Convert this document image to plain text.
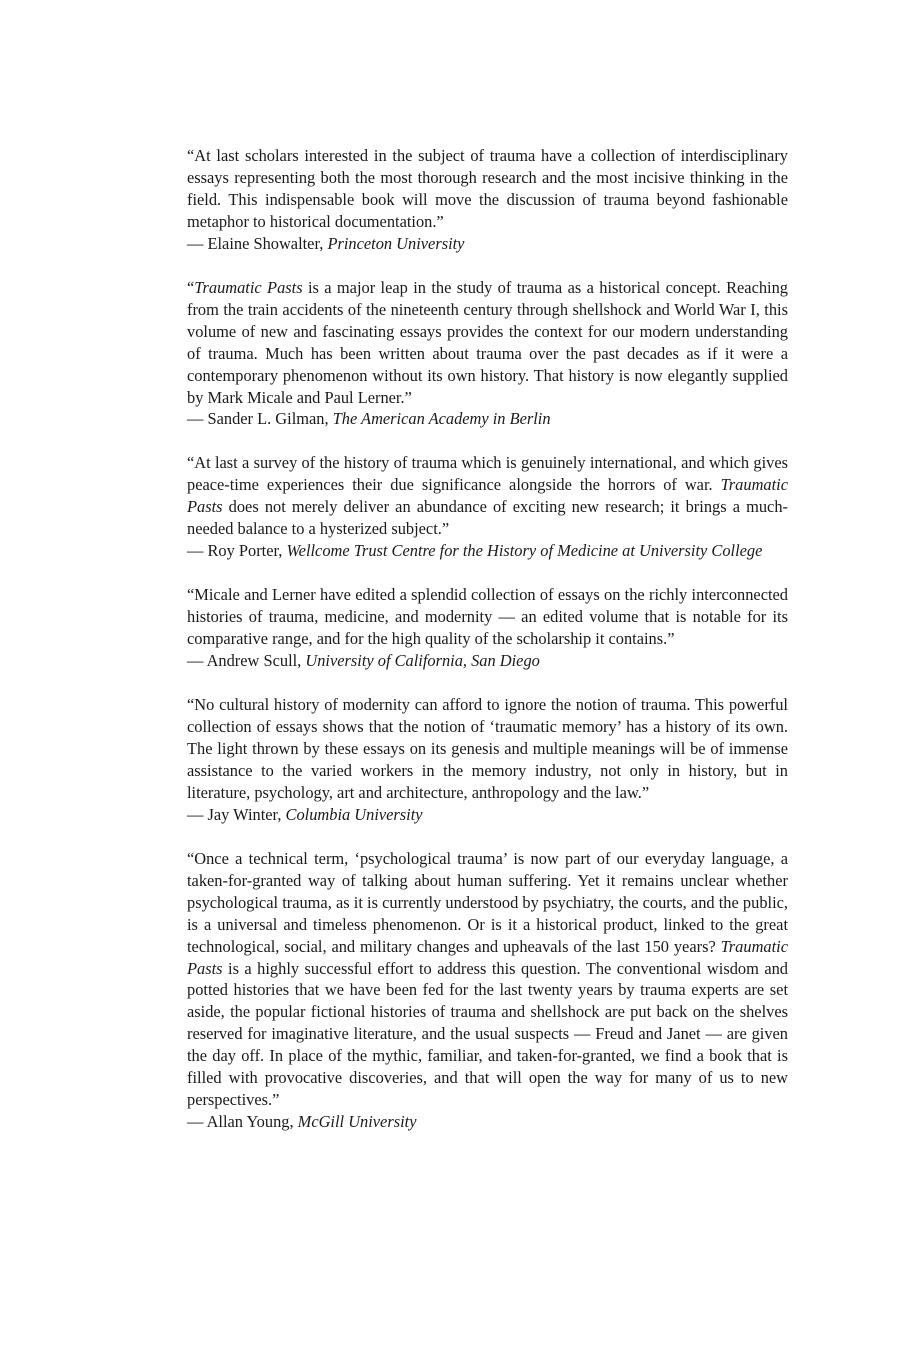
“At last scholars interested in the subject of trauma have a collection of interdisciplinary essays representing both the most thorough research and the most incisive thinking in the field. This indispensable book will move the discussion of trauma beyond fashionable metaphor to historical documentation.”

— Elaine Showalter, Princeton University

“Traumatic Pasts is a major leap in the study of trauma as a historical concept. Reaching from the train accidents of the nineteenth century through shellshock and World War I, this volume of new and fascinating essays provides the context for our modern understanding of trauma. Much has been written about trauma over the past decades as if it were a contemporary phenomenon without its own history. That history is now elegantly supplied by Mark Micale and Paul Lerner.”

— Sander L. Gilman, The American Academy in Berlin

“At last a survey of the history of trauma which is genuinely international, and which gives peace-time experiences their due significance alongside the horrors of war. Traumatic Pasts does not merely deliver an abundance of exciting new research; it brings a much-needed balance to a hysterized subject.”

— Roy Porter, Wellcome Trust Centre for the History of Medicine at University College

“Micale and Lerner have edited a splendid collection of essays on the richly interconnected histories of trauma, medicine, and modernity — an edited volume that is notable for its comparative range, and for the high quality of the scholarship it contains.”

— Andrew Scull, University of California, San Diego

“No cultural history of modernity can afford to ignore the notion of trauma. This powerful collection of essays shows that the notion of ‘traumatic memory’ has a history of its own. The light thrown by these essays on its genesis and multiple meanings will be of immense assistance to the varied workers in the memory industry, not only in history, but in literature, psychology, art and architecture, anthropology and the law.”

— Jay Winter, Columbia University

“Once a technical term, ‘psychological trauma’ is now part of our everyday language, a taken-for-granted way of talking about human suffering. Yet it remains unclear whether psychological trauma, as it is currently understood by psychiatry, the courts, and the public, is a universal and timeless phenomenon. Or is it a historical product, linked to the great technological, social, and military changes and upheavals of the last 150 years? Traumatic Pasts is a highly successful effort to address this question. The conventional wisdom and potted histories that we have been fed for the last twenty years by trauma experts are set aside, the popular fictional histories of trauma and shellshock are put back on the shelves reserved for imaginative literature, and the usual suspects — Freud and Janet — are given the day off. In place of the mythic, familiar, and taken-for-granted, we find a book that is filled with provocative discoveries, and that will open the way for many of us to new perspectives.”

— Allan Young, McGill University
